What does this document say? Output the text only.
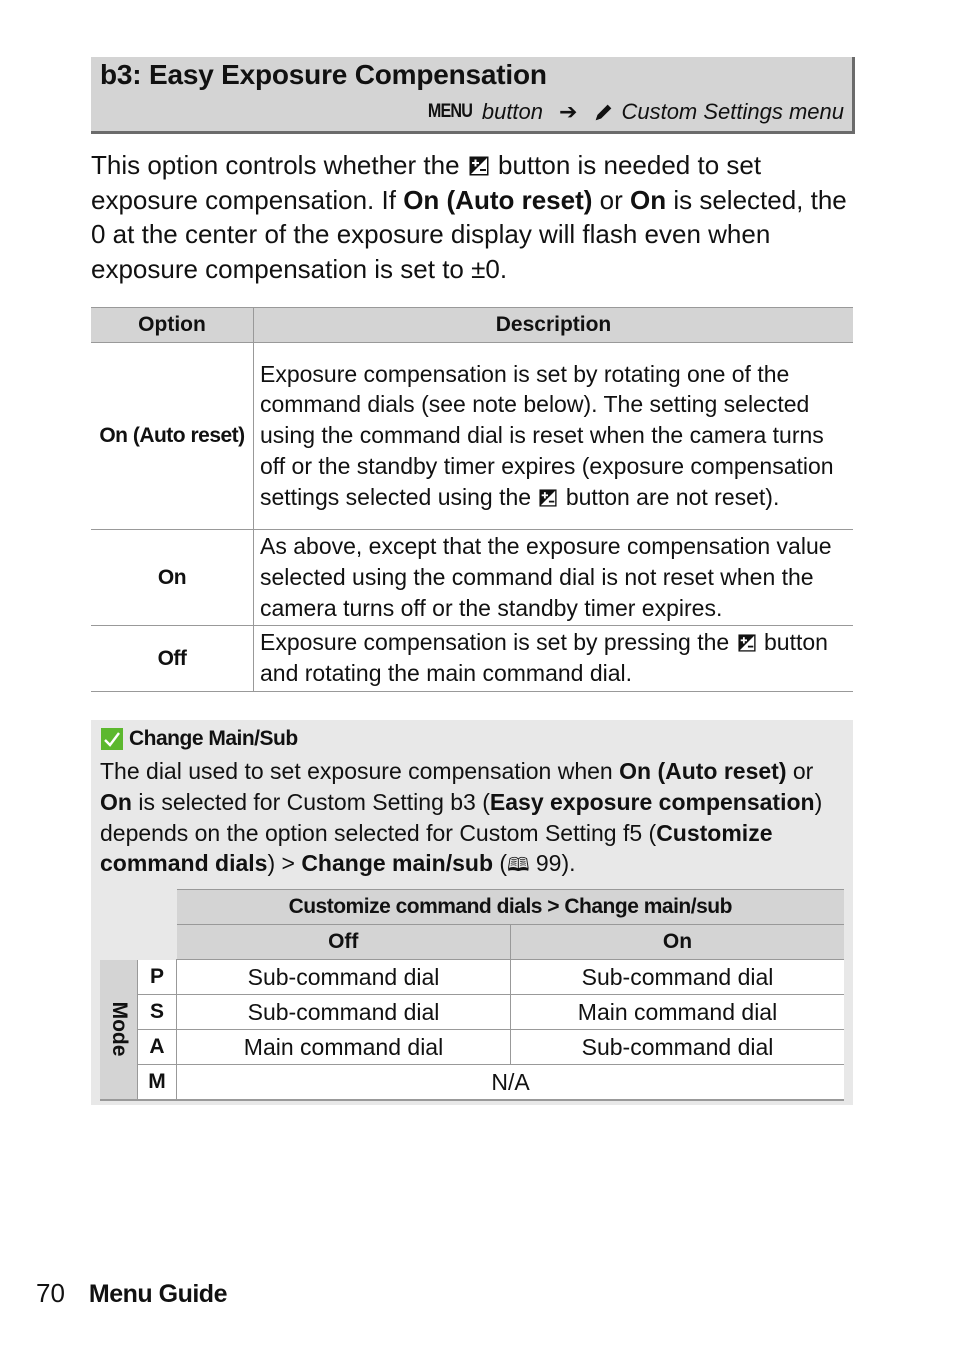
b3: Easy Exposure Compensation
MENU button ➔ Custom Settings menu

This option controls whether the  button is needed to set exposure compensation. If On (Auto reset) or On is selected, the 0 at the center of the exposure display will flash even when exposure compensation is set to ±0.

Option	Description
On (Auto reset)	Exposure compensation is set by rotating one of the command dials (see note below). The setting selected using the command dial is reset when the camera turns off or the standby timer expires (exposure compensation settings selected using the  button are not reset).
On	As above, except that the exposure compensation value selected using the command dial is not reset when the camera turns off or the standby timer expires.
Off	Exposure compensation is set by pressing the  button and rotating the main command dial.
Change Main/Sub

The dial used to set exposure compensation when On (Auto reset) or On is selected for Custom Setting b3 (Easy exposure compensation) depends on the option selected for Custom Setting f5 (Customize command dials) > Change main/sub (🕮 99).

		Customize command dials > Change main/sub	
		Off	On

Mode	P	Sub-command dial	Sub-command dial
	S	Sub-command dial	Main command dial
	A	Main command dial	Sub-command dial
	M	N/A	
70 Menu Guide
